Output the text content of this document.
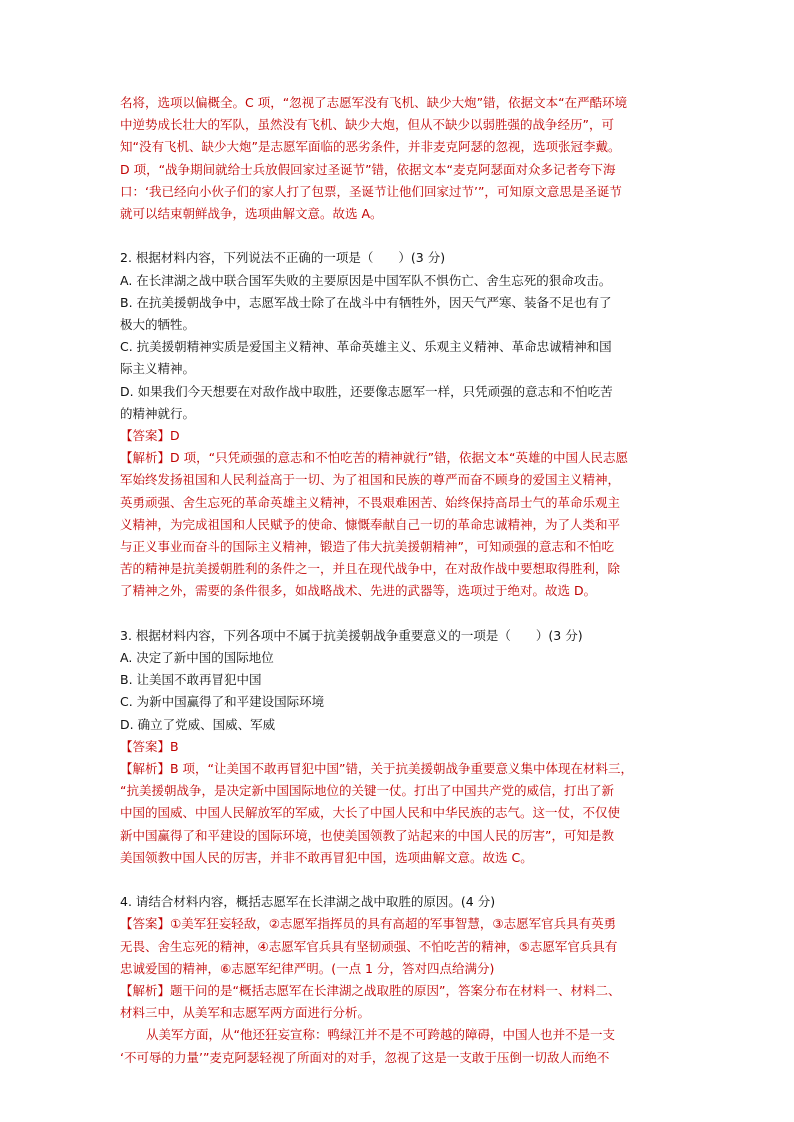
名将，选项以偏概全。C 项，“忽视了志愿军没有飞机、缺少大炮”错，依据文本“在严酷环境
中逆势成长壮大的军队，虽然没有飞机、缺少大炮，但从不缺少以弱胜强的战争经历”，可
知“没有飞机、缺少大炮”是志愿军面临的恶劣条件，并非麦克阿瑟的忽视，选项张冠李戴。
D 项，“战争期间就给士兵放假回家过圣诞节”错，依据文本“麦克阿瑟面对众多记者夸下海
口：‘我已经向小伙子们的家人打了包票，圣诞节让他们回家过节’”，可知原文意思是圣诞节
就可以结束朝鲜战争，选项曲解文意。故选 A。
2. 根据材料内容，下列说法不正确的一项是（　　）(3 分)
A. 在长津湖之战中联合国军失败的主要原因是中国军队不惧伤亡、舍生忘死的狠命攻击。
B. 在抗美援朝战争中，志愿军战士除了在战斗中有牺牲外，因天气严寒、装备不足也有了
极大的牺牲。
C. 抗美援朝精神实质是爱国主义精神、革命英雄主义、乐观主义精神、革命忠诚精神和国
际主义精神。
D. 如果我们今天想要在对敌作战中取胜，还要像志愿军一样，只凭顽强的意志和不怕吃苦
的精神就行。
【答案】D
【解析】D 项，“只凭顽强的意志和不怕吃苦的精神就行”错，依据文本“英雄的中国人民志愿
军始终发扬祖国和人民利益高于一切、为了祖国和民族的尊严而奋不顾身的爱国主义精神，
英勇顽强、舍生忘死的革命英雄主义精神，不畏艰难困苦、始终保持高昂士气的革命乐观主
义精神，为完成祖国和人民赋予的使命、慷慨奉献自己一切的革命忠诚精神，为了人类和平
与正义事业而奋斗的国际主义精神，锻造了伟大抗美援朝精神”，可知顽强的意志和不怕吃
苦的精神是抗美援朝胜利的条件之一，并且在现代战争中，在对敌作战中要想取得胜利，除
了精神之外，需要的条件很多，如战略战术、先进的武器等，选项过于绝对。故选 D。
3. 根据材料内容，下列各项中不属于抗美援朝战争重要意义的一项是（　　）(3 分)
A. 决定了新中国的国际地位
B. 让美国不敢再冒犯中国
C. 为新中国赢得了和平建设国际环境
D. 确立了党威、国威、军威
【答案】B
【解析】B 项，“让美国不敢再冒犯中国”错，关于抗美援朝战争重要意义集中体现在材料三，
“抗美援朝战争，是决定新中国国际地位的关键一仗。打出了中国共产党的威信，打出了新
中国的国威、中国人民解放军的军威，大长了中国人民和中华民族的志气。这一仗，不仅使
新中国赢得了和平建设的国际环境，也使美国领教了站起来的中国人民的厉害”，可知是教
美国领教中国人民的厉害，并非不敢再冒犯中国，选项曲解文意。故选 C。
4. 请结合材料内容，概括志愿军在长津湖之战中取胜的原因。(4 分)
【答案】①美军狂妄轻敌，②志愿军指挥员的具有高超的军事智慧，③志愿军官兵具有英勇
无畏、舍生忘死的精神，④志愿军官兵具有坚韧顽强、不怕吃苦的精神，⑤志愿军官兵具有
忠诚爱国的精神，⑥志愿军纪律严明。(一点 1 分，答对四点给满分)
【解析】题干问的是“概括志愿军在长津湖之战取胜的原因”，答案分布在材料一、材料二、
材料三中，从美军和志愿军两方面进行分析。
从美军方面，从“他还狂妄宣称：鸭绿江并不是不可跨越的障碍，中国人也并不是一支
‘不可辱的力量’”麦克阿瑟轻视了所面对的对手，忽视了这是一支敢于压倒一切敌人而绝不
